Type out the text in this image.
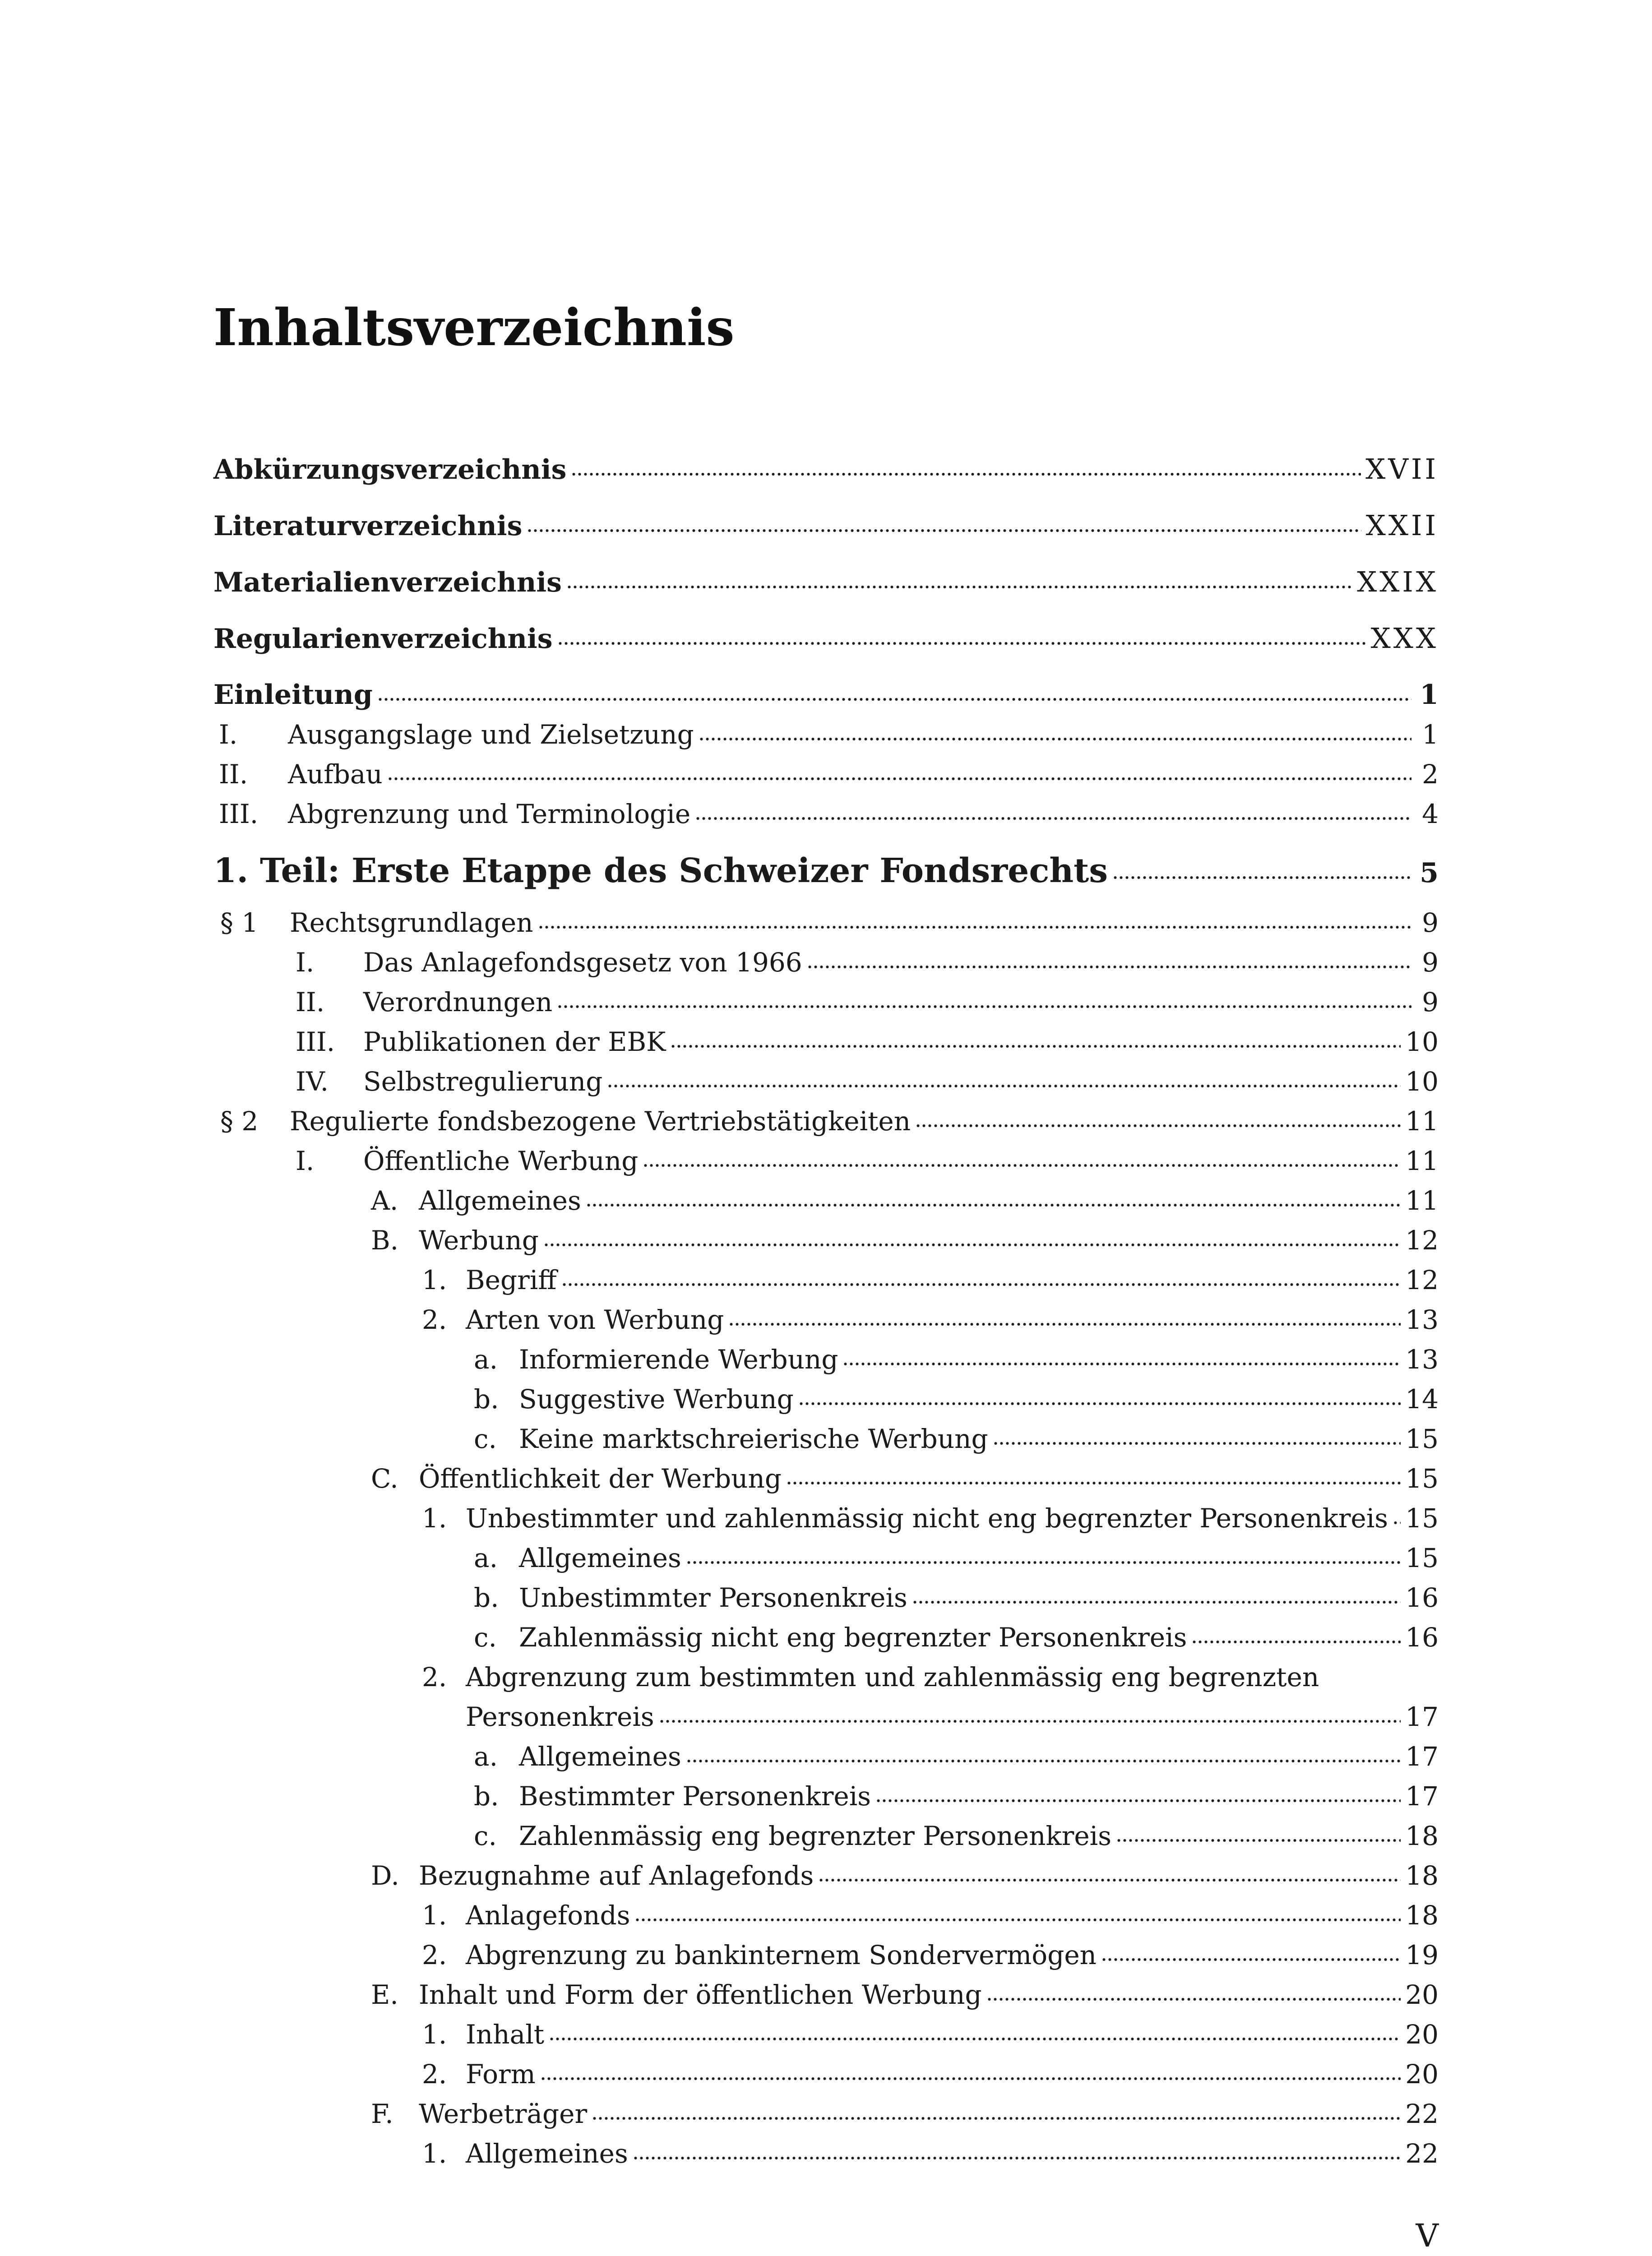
Inhaltsverzeichnis
Abkürzungsverzeichnis	XVII
Literaturverzeichnis	XXII
Materialienverzeichnis	XXIX
Regularienverzeichnis	XXX
Einleitung	1
I. Ausgangslage und Zielsetzung	1
II. Aufbau	2
III. Abgrenzung und Terminologie	4
1. Teil: Erste Etappe des Schweizer Fondsrechts	5
§ 1 Rechtsgrundlagen	9
I. Das Anlagefondsgesetz von 1966	9
II. Verordnungen	9
III. Publikationen der EBK	10
IV. Selbstregulierung	10
§ 2 Regulierte fondsbezogene Vertriebstätigkeiten	11
I. Öffentliche Werbung	11
A. Allgemeines	11
B. Werbung	12
1. Begriff	12
2. Arten von Werbung	13
a. Informierende Werbung	13
b. Suggestive Werbung	14
c. Keine marktschreierische Werbung	15
C. Öffentlichkeit der Werbung	15
1. Unbestimmter und zahlenmässig nicht eng begrenzter Personenkreis 15
a. Allgemeines	15
b. Unbestimmter Personenkreis	16
c. Zahlenmässig nicht eng begrenzter Personenkreis	16
2. Abgrenzung zum bestimmten und zahlenmässig eng begrenzten
Personenkreis	17
a. Allgemeines	17
b. Bestimmter Personenkreis	17
c. Zahlenmässig eng begrenzter Personenkreis	18
D. Bezugnahme auf Anlagefonds	18
1. Anlagefonds	18
2. Abgrenzung zu bankinternem Sondervermögen	19
E. Inhalt und Form der öffentlichen Werbung	20
1. Inhalt	20
2. Form	20
F. Werbeträger	22
1. Allgemeines	22

V
